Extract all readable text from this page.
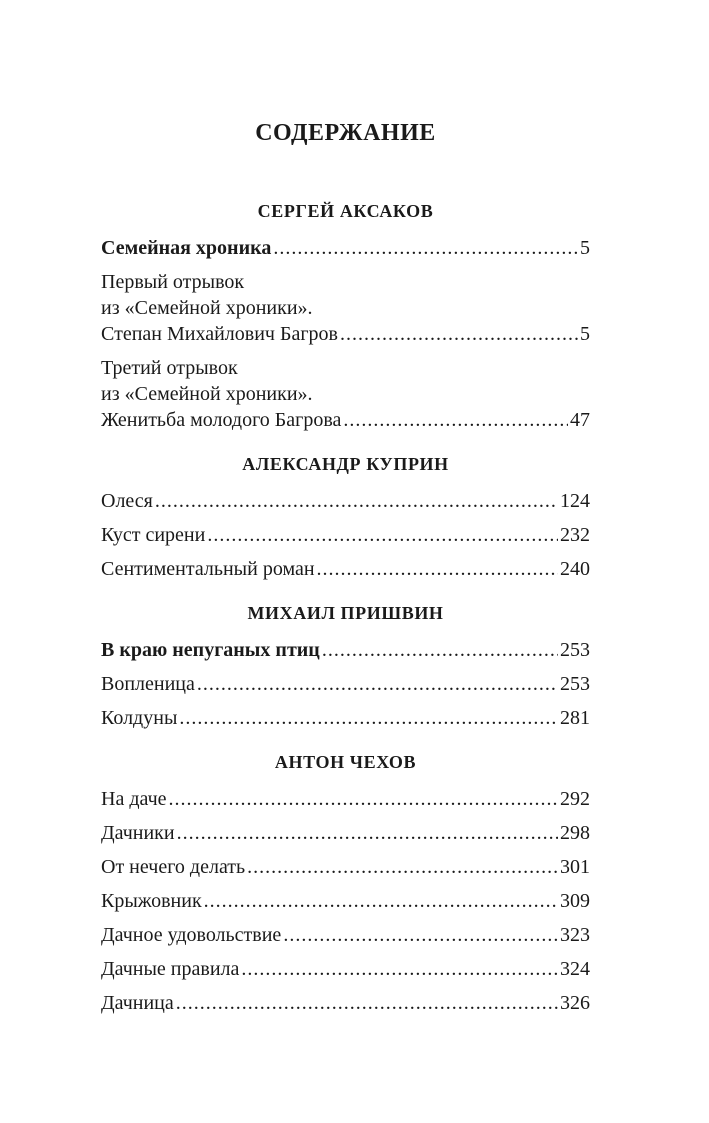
СОДЕРЖАНИЕ
СЕРГЕЙ АКСАКОВ
Семейная хроника .....	5
Первый отрывок
из «Семейной хроники».
Степан Михайлович Багров .....	5
Третий отрывок
из «Семейной хроники».
Женитьба молодого Багрова .....	47
АЛЕКСАНДР КУПРИН
Олеся .....	124
Куст сирени .....	232
Сентиментальный роман .....	240
МИХАИЛ ПРИШВИН
В краю непуганых птиц .....	253
Вопленица .....	253
Колдуны .....	281
АНТОН ЧЕХОВ
На даче .....	292
Дачники .....	298
От нечего делать .....	301
Крыжовник .....	309
Дачное удовольствие .....	323
Дачные правила .....	324
Дачница .....	326
